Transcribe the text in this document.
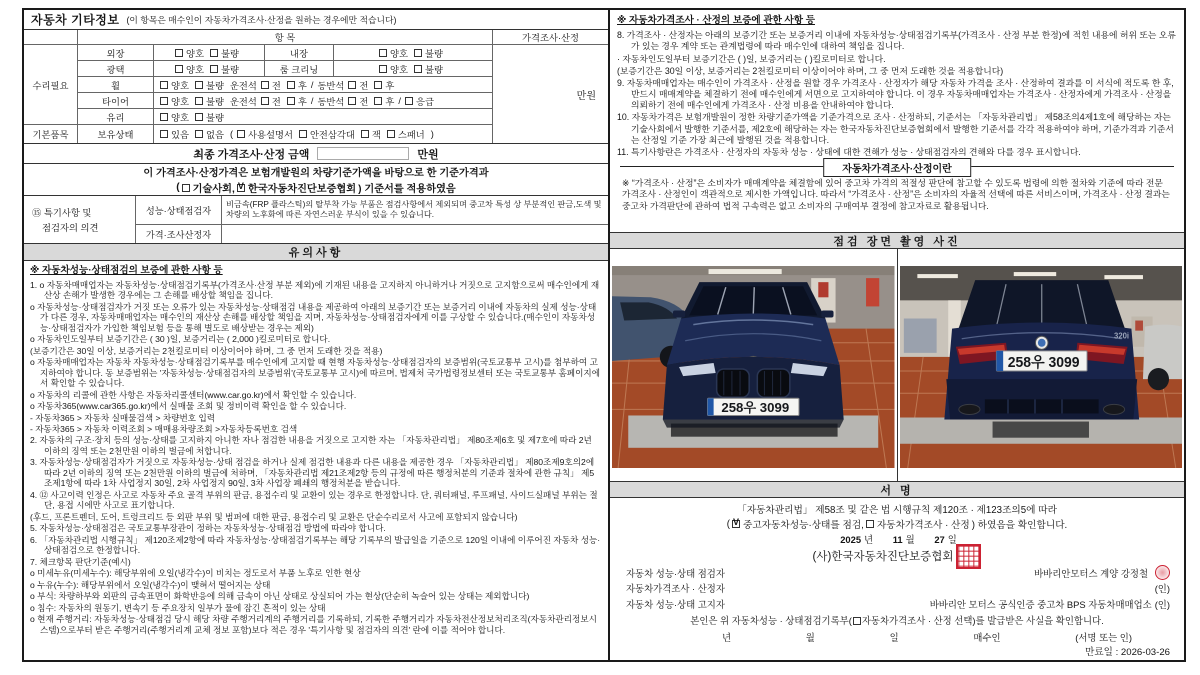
자동차 기타정보 (이 항목은 매수인이 자동차가격조사·산정을 원하는 경우에만 적습니다)
항 목
수리필요
외장	양호 불량	내장	양호 불량
광택	양호 불량	룸 크리닝	양호 불량
휠	양호 불량 운전석 전 후 / 동반석 전 후
타이어	양호 불량 운전석 전 후 / 동반석 전 후 / 응급
유리	양호 불량
기본품목	보유상태	있음 없음 ( 사용설명서 안전삼각대 잭 스패너 )
가격조사·산정
만원
최종 가격조사·산정 금액	만원
이 가격조사·산정가격은 보험개발원의 차량기준가액을 바탕으로 한 기준가격과
( 기술사회, V 한국자동차진단보증협회 ) 기준서를 적용하였음
⑮ 특기사항 및
점검자의 의견
성능·상태점검자
비금속(FRP 플라스틱)의 탈부착 가능 부품은 점검사항에서 제외되며 중고차 특성 상 부분적인 판금,도색 및 차량의 노후화에 따른 자연스러운 부식이 있을 수 있습니다.
가격·조사산정자
유의사항
※ 자동차성능·상태점검의 보증에 관한 사항 등

1. o 자동차매매업자는 자동차성능·상태점검기록부(가격조사·산정 부분 제외)에 기재된 내용을 고지하지 아니하거나 거짓으로 고지함으로써 매수인에게 재산상 손해가 발생한 경우에는 그 손해를 배상할 책임을 집니다.

o 자동차성능·상태점검자가 거짓 또는 오류가 있는 자동차성능·상태점검 내용을 제공하여 아래의 보증기간 또는 보증거리 이내에 자동차의 실제 성능·상태가 다른 경우, 자동차매매업자는 매수인의 재산상 손해를 배상할 책임을 지며, 자동차성능·상태점검자에게 이를 구상할 수 있습니다.(매수인이 자동차성능·상태점검자가 가입한 책임보험 등을 통해 별도로 배상받는 경우는 제외)

o 자동차인도일부터 보증기간은 ( 30 )일, 보증거리는 ( 2,000 )킬로미터로 합니다.

(보증기간은 30일 이상, 보증거리는 2천킬로미터 이상이어야 하며, 그 중 먼저 도래한 것을 적용)

o 자동차매매업자는 자동차 자동차성능·상태점검기록부를 매수인에게 고지할 때 현행 자동차성능·상태점검자의 보증범위(국토교통부 고시)를 첨부하여 고지하여야 합니다. 동 보증범위는 '자동차성능·상태점검자의 보증범위'(국토교통부 고시)에 따르며, 법제처 국가법령정보센터 또는 국토교통부 홈페이지에서 확인할 수 있습니다.

o 자동차의 리콜에 관한 사항은 자동차리콜센터(www.car.go.kr)에서 확인할 수 있습니다.

o 자동차365(www.car365.go.kr)에서 실매물 조회 및 정비이력 확인을 할 수 있습니다.

- 자동차365 > 자동차 실매물검색 > 차량번호 입력

- 자동차365 > 자동차 이력조회 > 매매용차량조회 >자동차등록번호 검색

2. 자동차의 구조·장치 등의 성능·상태를 고지하지 아니한 자나 점검한 내용을 거짓으로 고지한 자는 「자동차관리법」 제80조제6호 및 제7호에 따라 2년 이하의 징역 또는 2천만원 이하의 벌금에 처합니다.

3. 자동차성능·상태점검자가 거짓으로 자동차성능·상태 점검을 하거나 실제 점검한 내용과 다른 내용을 제공한 경우 「자동차관리법」 제80조제9호의2에 따라 2년 이하의 징역 또는 2천만원 이하의 벌금에 처하며, 「자동차관리법 제21조제2항 등의 규정에 따른 행정처분의 기준과 절차에 관한 규칙」 제5조제1항에 따라 1차 사업정지 30일, 2차 사업정지 90일, 3차 사업장 폐쇄의 행정처분을 받습니다.

4. ⑫ 사고이력 인정은 사고로 자동차 주요 골격 부위의 판금, 용접수리 및 교환이 있는 경우로 한정합니다. 단, 쿼터패널, 루프패널, 사이드실패널 부위는 절단, 용접 시에만 사고로 표기합니다.

(후드, 프론트펜더, 도어, 트렁크리드 등 외판 부위 및 범퍼에 대한 판금, 용접수리 및 교환은 단순수리로서 사고에 포함되지 않습니다)

5. 자동차성능·상태점검은 국토교통부장관이 정하는 자동차성능·상태점검 방법에 따라야 합니다.

6. 「자동차관리법 시행규칙」 제120조제2항에 따라 자동차성능·상태점검기록부는 해당 기록부의 발급일을 기준으로 120일 이내에 이루어진 자동차 성능·상태점검으로 한정합니다.

7. 체크항목 판단기준(예시)

o 미세누유(미세누수): 해당부위에 오일(냉각수)이 비치는 정도로서 부품 노후로 인한 현상

o 누유(누수): 해당부위에서 오일(냉각수)이 맺혀서 떨어지는 상태

o 부식: 차량하부와 외판의 금속표면이 화학반응에 의해 금속이 아닌 상태로 상실되어 가는 현상(단순히 녹슬어 있는 상태는 제외합니다)

o 침수: 자동차의 원동기, 변속기 등 주요장치 일부가 물에 잠긴 흔적이 있는 상태

o 현재 주행거리: 자동차성능·상태점검 당시 해당 차량 주행거리계의 주행거리를 기록하되, 기록한 주행거리가 자동차전산정보처리조직(자동차관리정보시스템)으로부터 받은 주행거리(주행거리계 교체 정보 포함)보다 적은 경우 '특기사항 및 점검자의 의견' 란에 이를 적어야 합니다.

※ 자동차가격조사 · 산정의 보증에 관한 사항 등

8. 가격조사 · 산정자는 아래의 보증기간 또는 보증거리 이내에 자동차성능·상태점검기록부(가격조사 · 산정 부분 한정)에 적힌 내용에 허위 또는 오류가 있는 경우 계약 또는 관계법령에 따라 매수인에 대하여 책임을 집니다.

· 자동차인도일부터 보증기간은 ( )일, 보증거리는 ( )킬로미터로 합니다.

(보증기간은 30일 이상, 보증거리는 2천킬로미터 이상이어야 하며, 그 중 먼저 도래한 것을 적용합니다)

9. 자동차매매업자는 매수인이 가격조사 · 산정을 원할 경우 가격조사 · 산정자가 해당 자동차 가격을 조사 · 산정하여 결과를 이 서식에 적도록 한 후, 반드시 매매계약을 체결하기 전에 매수인에게 서면으로 고지하여야 합니다. 이 경우 자동차매매업자는 가격조사 · 산정자에게 가격조사 · 산정을 의뢰하기 전에 매수인에게 가격조사 · 산정 비용을 안내하여야 합니다.

10. 자동차가격은 보험개발원이 정한 차량기준가액을 기준가격으로 조사 · 산정하되, 기준서는 「자동차관리법」 제58조의4제1호에 해당하는 자는 기술사회에서 발행한 기준서를, 제2호에 해당하는 자는 한국자동차진단보증협회에서 발행한 기준서를 각각 적용하여야 하며, 기준가격과 기준서는 산정일 기준 가장 최근에 발행된 것을 적용합니다.

11. 특기사항란은 가격조사 · 산정자의 자동차 성능 · 상태에 대한 견해가 성능 · 상태점검자의 견해와 다를 경우 표시합니다.

자동차가격조사·산정이란
※ “가격조사 · 산정”은 소비자가 매매계약을 체결함에 있어 중고차 가격의 적절성 판단에 참고할 수 있도록 법령에 의한 절차와 기준에 따라 전문 가격조사 · 산정인이 객관적으로 제시한 가액입니다. 따라서 “가격조사 · 산정”은 소비자의 자율적 선택에 따른 서비스이며, 가격조사 · 산정 결과는 중고차 가격판단에 관하여 법적 구속력은 없고 소비자의 구매여부 결정에 참고자료로 활용됩니다.
점검 장면 촬영 사진
258우 3099
320i
258우 3099
서 명
「자동차관리법」 제58조 및 같은 법 시행규칙 제120조 · 제123조의5에 따라
( V 중고자동차성능·상태를 점검, 자동차가격조사 · 산정 ) 하였음을 확인합니다.
2025 년 11 월 27 일
(사)한국자동차진단보증협회
자동차 성능·상태 점검자	바바리안모터스 계양 강정철
자동차가격조사 · 산정자	(인)
자동차 성능·상태 고지자	바바리안 모터스 공식인증 중고차 BPS 자동차매매업소 (인)
본인은 위 자동차성능 · 상태점검기록부( 자동차가격조사 · 산정 선택)를 발급받은 사실을 확인합니다.
년	월	일	매수인	(서명 또는 인)
만료일 : 2026-03-26
